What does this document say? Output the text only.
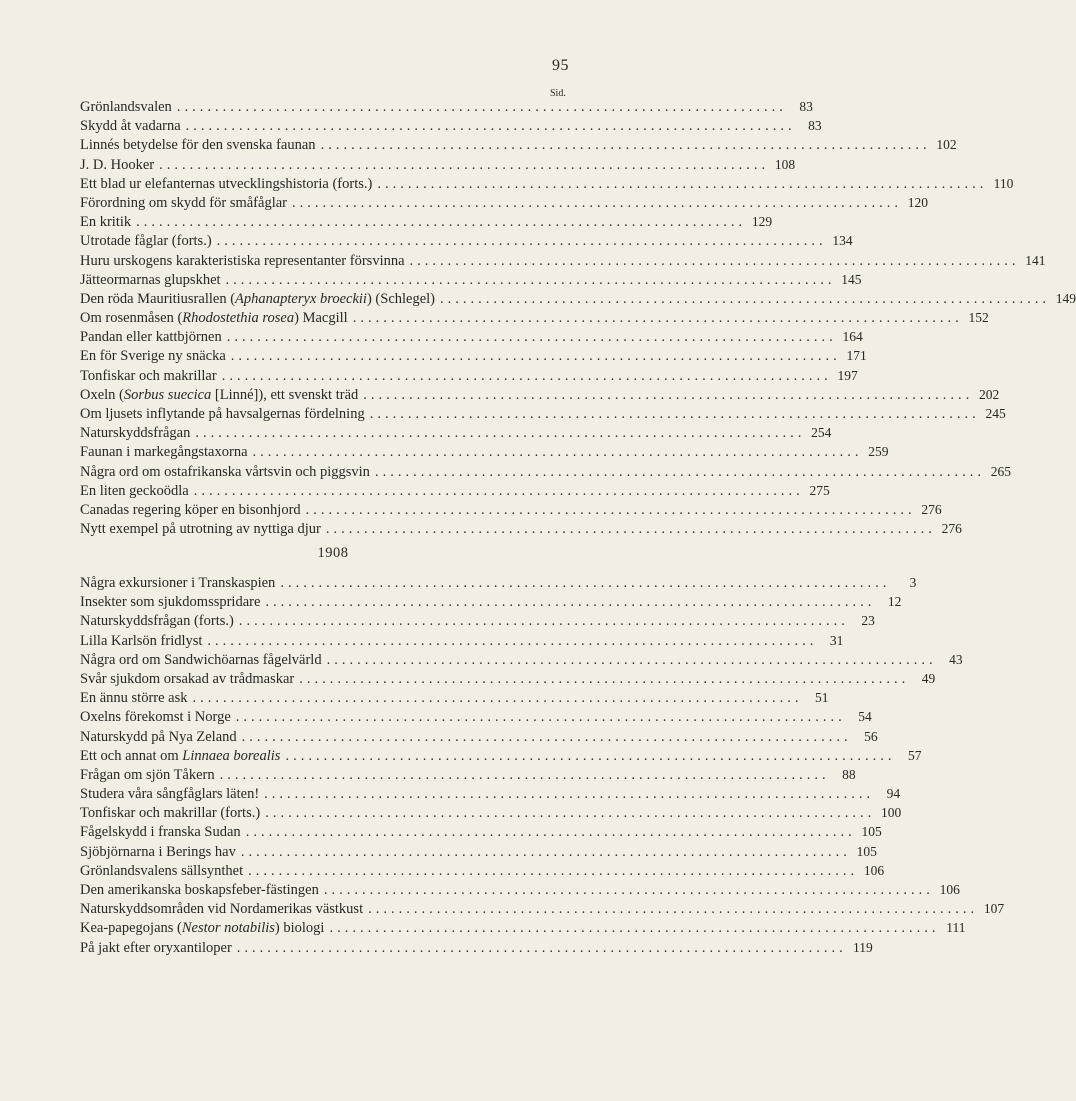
95
Sid.
Grönlandsvalen ................................................................................ 83
Skydd åt vadarna ................................................................................ 83
Linnés betydelse för den svenska faunan ................................................................................ 102
J. D. Hooker ................................................................................ 108
Ett blad ur elefanternas utvecklingshistoria (forts.) ................................................................................ 110
Förordning om skydd för småfåglar ................................................................................ 120
En kritik ................................................................................ 129
Utrotade fåglar (forts.) ................................................................................ 134
Huru urskogens karakteristiska representanter försvinna ................................................................................ 141
Jätteormarnas glupskhet ................................................................................ 145
Den röda Mauritiusrallen (Aphanapteryx broeckii) (Schlegel) ................................................................................ 149
Om rosenmåsen (Rhodostethia rosea) Macgill ................................................................................ 152
Pandan eller kattbjörnen ................................................................................ 164
En för Sverige ny snäcka ................................................................................ 171
Tonfiskar och makrillar ................................................................................ 197
Oxeln (Sorbus suecica [Linné]), ett svenskt träd ................................................................................ 202
Om ljusets inflytande på havsalgernas fördelning ................................................................................ 245
Naturskyddsfrågan ................................................................................ 254
Faunan i markegångstaxorna ................................................................................ 259
Några ord om ostafrikanska vårtsvin och piggsvin ................................................................................ 265
En liten geckoödla ................................................................................ 275
Canadas regering köper en bisonhjord ................................................................................ 276
Nytt exempel på utrotning av nyttiga djur ................................................................................ 276
1908
Några exkursioner i Transkaspien ................................................................................	3
Insekter som sjukdomsspridare ................................................................................ 12
Naturskyddsfrågan (forts.) ................................................................................ 23
Lilla Karlsön fridlyst ................................................................................ 31
Några ord om Sandwichöarnas fågelvärld ................................................................................ 43
Svår sjukdom orsakad av trådmaskar ................................................................................ 49
En ännu större ask ................................................................................ 51
Oxelns förekomst i Norge ................................................................................ 54
Naturskydd på Nya Zeland ................................................................................ 56
Ett och annat om Linnaea borealis ................................................................................ 57
Frågan om sjön Tåkern ................................................................................ 88
Studera våra sångfåglars läten! ................................................................................ 94
Tonfiskar och makrillar (forts.) ................................................................................ 100
Fågelskydd i franska Sudan ................................................................................ 105
Sjöbjörnarna i Berings hav ................................................................................ 105
Grönlandsvalens sällsynthet ................................................................................ 106
Den amerikanska boskapsfeber-fästingen ................................................................................ 106
Naturskyddsområden vid Nordamerikas västkust ................................................................................ 107
Kea-papegojans (Nestor notabilis) biologi ................................................................................ 111
På jakt efter oryxantiloper ................................................................................ 119
